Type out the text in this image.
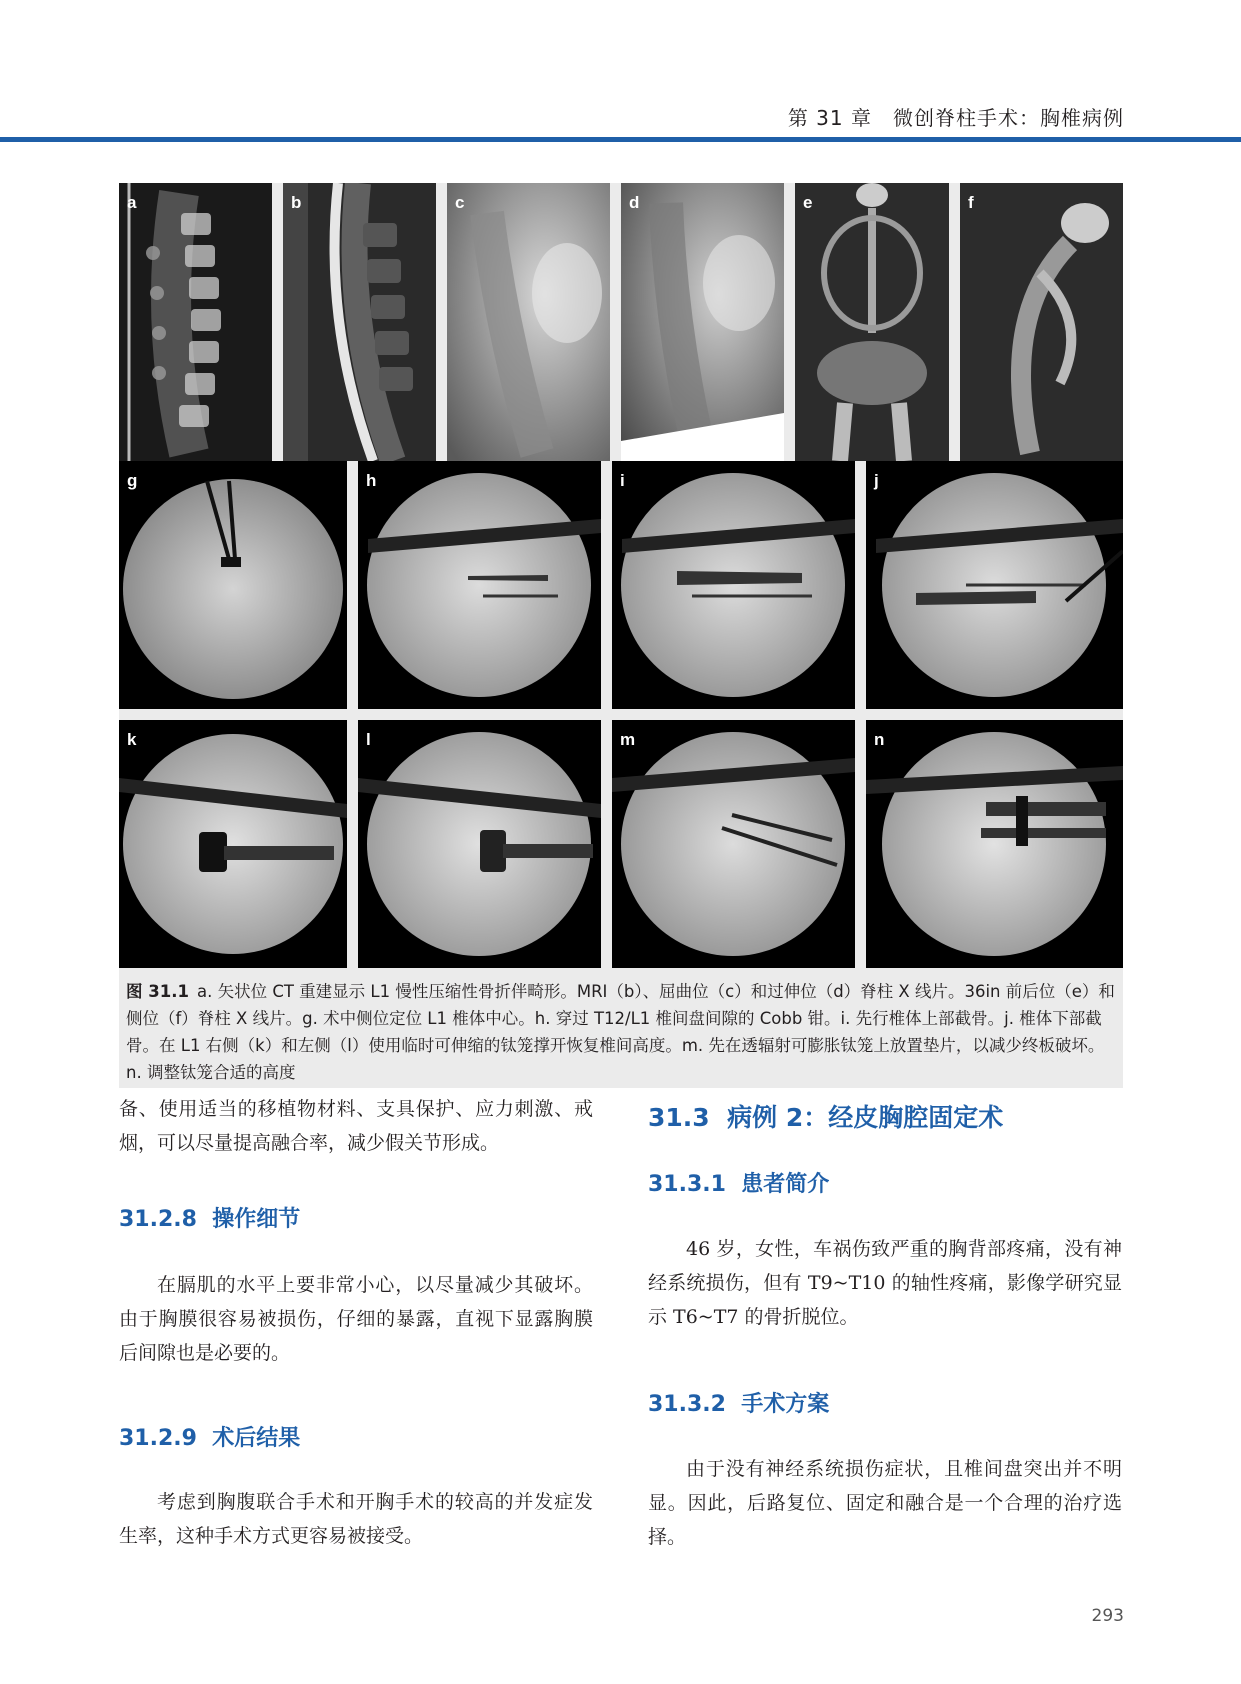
第 31 章　微创脊柱手术：胸椎病例
a	b	c	d	e	f
g	h	i	j
k	l	m	n
图 31.1 a. 矢状位 CT 重建显示 L1 慢性压缩性骨折伴畸形。MRI（b）、屈曲位（c）和过伸位（d）脊柱 X 线片。36in 前后位（e）和侧位（f）脊柱 X 线片。g. 术中侧位定位 L1 椎体中心。h. 穿过 T12/L1 椎间盘间隙的 Cobb 钳。i. 先行椎体上部截骨。j. 椎体下部截骨。在 L1 右侧（k）和左侧（l）使用临时可伸缩的钛笼撑开恢复椎间高度。m. 先在透辐射可膨胀钛笼上放置垫片，以减少终板破坏。n. 调整钛笼合适的高度

备、使用适当的移植物材料、支具保护、应力刺激、戒烟，可以尽量提高融合率，减少假关节形成。

31.2.8 操作细节

在膈肌的水平上要非常小心，以尽量减少其破坏。由于胸膜很容易被损伤，仔细的暴露，直视下显露胸膜后间隙也是必要的。

31.2.9 术后结果

考虑到胸腹联合手术和开胸手术的较高的并发症发生率，这种手术方式更容易被接受。

31.3 病例 2：经皮胸腔固定术
31.3.1 患者简介

46 岁，女性，车祸伤致严重的胸背部疼痛，没有神经系统损伤，但有 T9~T10 的轴性疼痛，影像学研究显示 T6~T7 的骨折脱位。

31.3.2 手术方案

由于没有神经系统损伤症状，且椎间盘突出并不明显。因此，后路复位、固定和融合是一个合理的治疗选择。

293
